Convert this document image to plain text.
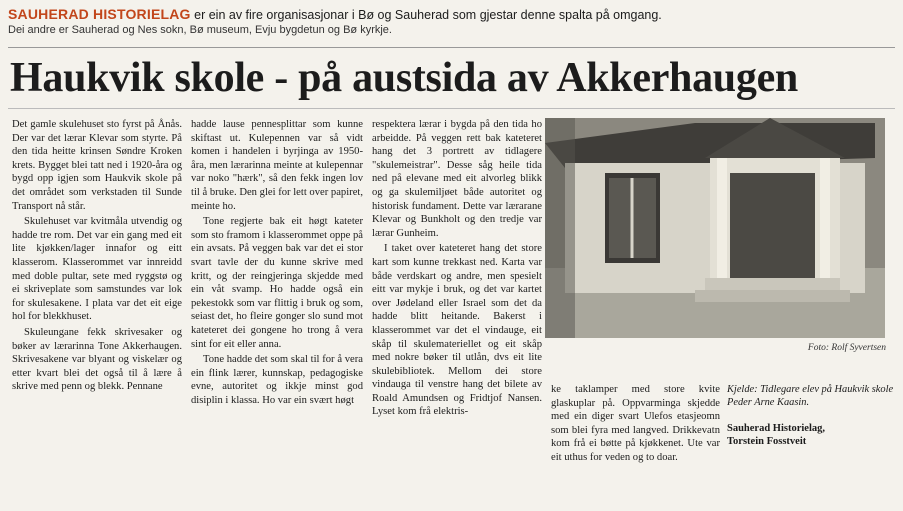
SAUHERAD HISTORIELAG er ein av fire organisasjonar i Bø og Sauherad som gjestar denne spalta på omgang.
Dei andre er Sauherad og Nes sokn, Bø museum, Evju bygdetun og Bø kyrkje.
Haukvik skole - på austsida av Akkerhaugen

Det gamle skulehuset sto fyrst på Ånås. Der var det lærar Klevar som styrte. På den tida heitte krinsen Søndre Kroken krets. Bygget blei tatt ned i 1920-åra og bygd opp igjen som Haukvik skole på det området som verkstaden til Sunde Transport nå står.

Skulehuset var kvitmåla utvendig og hadde tre rom. Det var ein gang med eit lite kjøkken/lager innafor og eitt klasserom. Klasserommet var innreidd med doble pultar, sete med ryggstø og ei skriveplate som samstundes var lok for skulesakene. I plata var det eit eige hol for blekkhuset.

Skuleungane fekk skrivesaker og bøker av lærarinna Tone Akkerhaugen. Skrivesakene var blyant og viskelær og etter kvart blei det også til å lære å skrive med penn og blekk. Pennane

hadde lause pennesplittar som kunne skiftast ut. Kulepennen var så vidt komen i handelen i byrjinga av 1950-åra, men lærarinna meinte at kulepennar var noko "hærk", så den fekk ingen lov til å bruke. Den glei for lett over papiret, meinte ho.

Tone regjerte bak eit høgt kateter som sto framom i klasserommet oppe på ein avsats. På veggen bak var det ei stor svart tavle der du kunne skrive med kritt, og der reingjeringa skjedde med ein våt svamp. Ho hadde også ein pekestokk som var flittig i bruk og som, seiast det, ho fleire gonger slo sund mot kateteret dei gongene ho trong å vera sint for eit eller anna.

Tone hadde det som skal til for å vera ein flink lærer, kunnskap, pedagogiske evne, autoritet og ikkje minst god disiplin i klassa. Ho var ein svært høgt

respektera lærar i bygda på den tida ho arbeidde. På veggen rett bak kateteret hang det 3 portrett av tidlagere "skulemeistrar". Desse såg heile tida ned på elevane med eit alvorleg blikk og ga skulemiljøet både autoritet og historisk fundament. Dette var lærarane Klevar og Bunkholt og den tredje var lærar Gunheim.

I taket over kateteret hang det store kart som kunne trekkast ned. Karta var både verdskart og andre, men spesielt eitt var mykje i bruk, og det var kartet over Jødeland eller Israel som det da hadde blitt heitande. Bakerst i klasserommet var det el vindauge, eit skåp til skulemateriellet og eit skåp med nokre bøker til utlån, dvs eit lite skulebibliotek. Mellom dei store vindauga til venstre hang det bilete av Roald Amundsen og Fridtjof Nansen. Lyset kom frå elektris-

Foto: Rolf Syvertsen

ke taklamper med store kvite glaskuplar på. Oppvarminga skjedde med ein diger svart Ulefos etasjeomn som blei fyra med langved. Drikkevatn kom frå ei bøtte på kjøkkenet. Ute var eit uthus for veden og to doar.

Kjelde: Tidlegare elev på Haukvik skole Peder Arne Kaasin.
Sauherad Historielag,
Torstein Fosstveit
